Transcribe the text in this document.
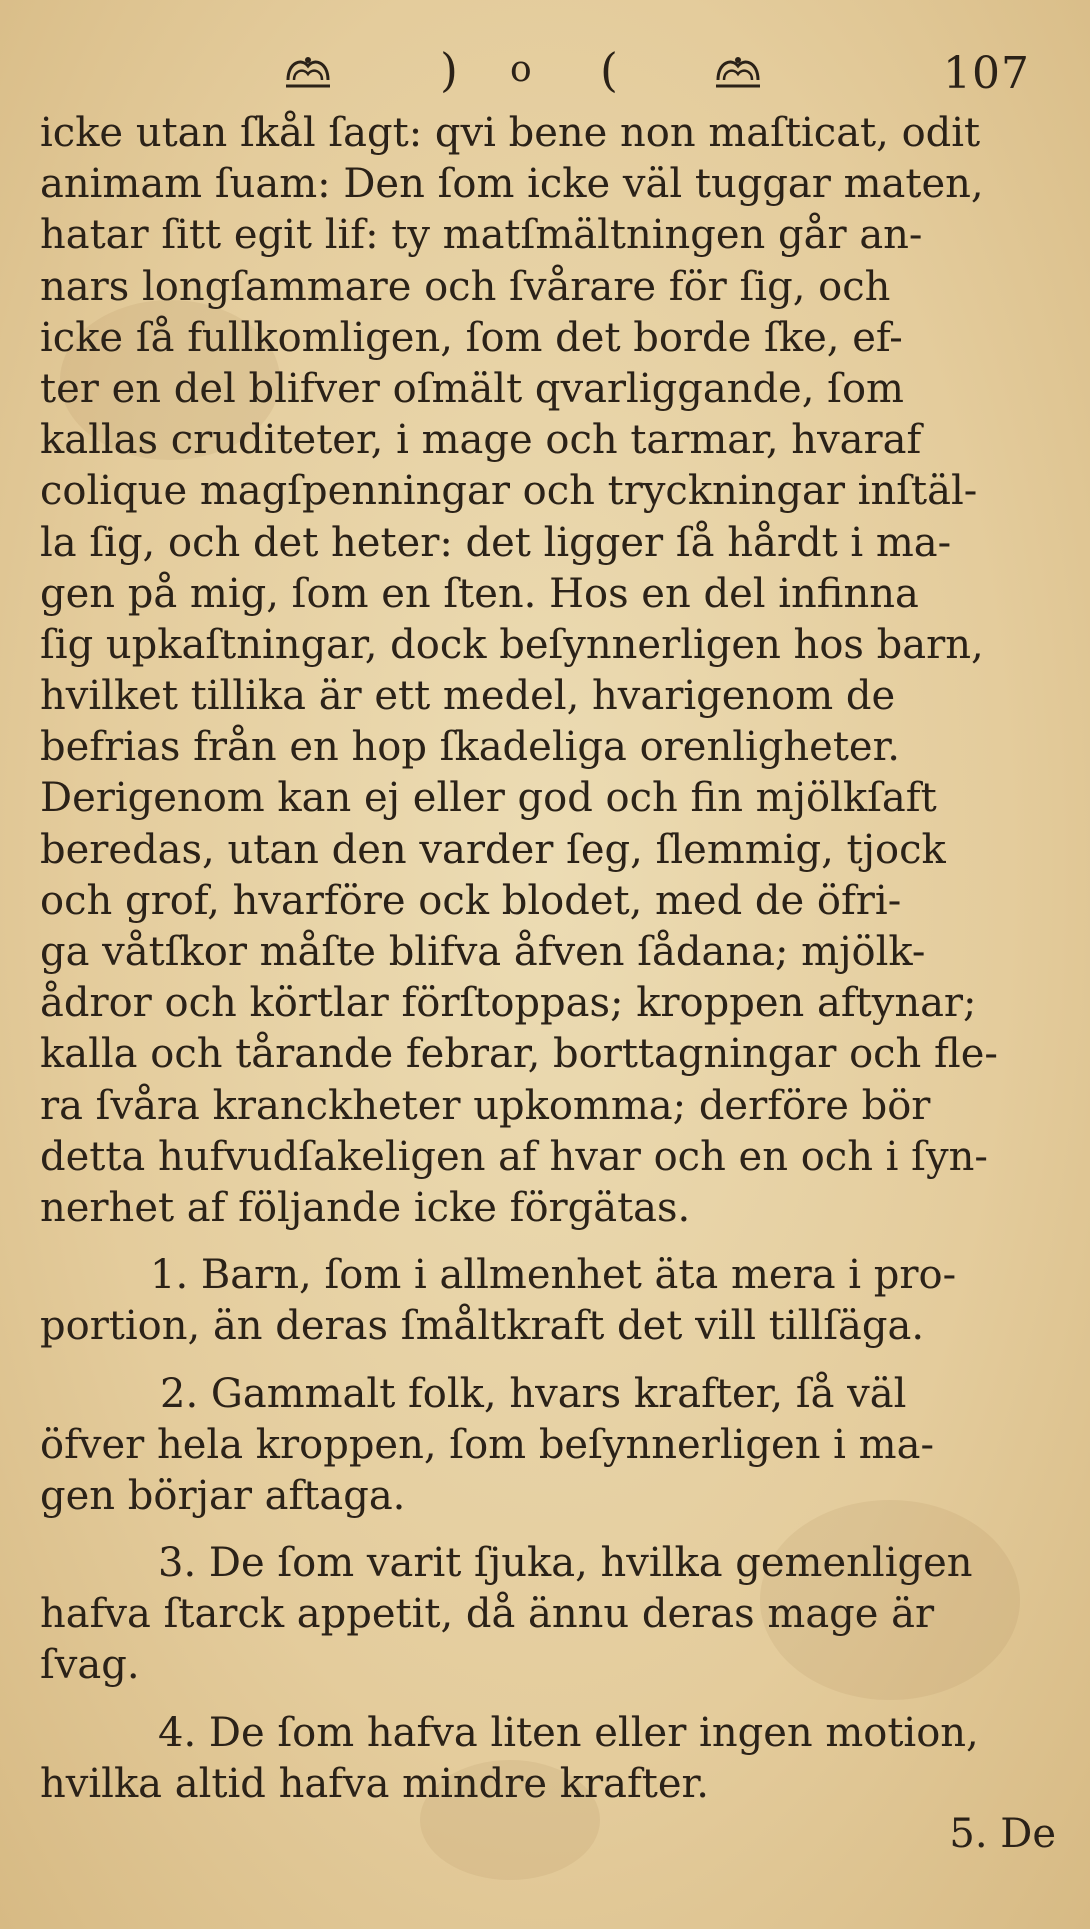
) o (	107
icke utan ſkål ſagt: qvi bene non maſticat, odit
animam ſuam: Den ſom icke väl tuggar maten,
hatar ſitt egit lif: ty matſmältningen går an-
nars longſammare och ſvårare för ſig, och
icke ſå fullkomligen, ſom det borde ſke, ef-
ter en del blifver oſmält qvarliggande, ſom
kallas cruditeter, i mage och tarmar, hvaraf
colique magſpenningar och tryckningar inſtäl-
la ſig, och det heter: det ligger ſå hårdt i ma-
gen på mig, ſom en ſten. Hos en del infinna
ſig upkaſtningar, dock beſynnerligen hos barn,
hvilket tillika är ett medel, hvarigenom de
befrias från en hop ſkadeliga orenligheter.
Derigenom kan ej eller god och fin mjölkſaft
beredas, utan den varder ſeg, ſlemmig, tjock
och grof, hvarföre ock blodet, med de öfri-
ga våtſkor måſte blifva åfven ſådana; mjölk-
ådror och körtlar förſtoppas; kroppen aftynar;
kalla och tårande febrar, borttagningar och fle-
ra ſvåra kranckheter upkomma; derföre bör
detta hufvudſakeligen af hvar och en och i ſyn-
nerhet af följande icke förgätas.
1. Barn, ſom i allmenhet äta mera i pro-
portion, än deras ſmåltkraft det vill tillſäga.
2. Gammalt folk, hvars krafter, ſå väl
öfver hela kroppen, ſom beſynnerligen i ma-
gen börjar aftaga.
3. De ſom varit ſjuka, hvilka gemenligen
hafva ſtarck appetit, då ännu deras mage är
ſvag.
4. De ſom hafva liten eller ingen motion,
hvilka altid hafva mindre krafter.
5. De
